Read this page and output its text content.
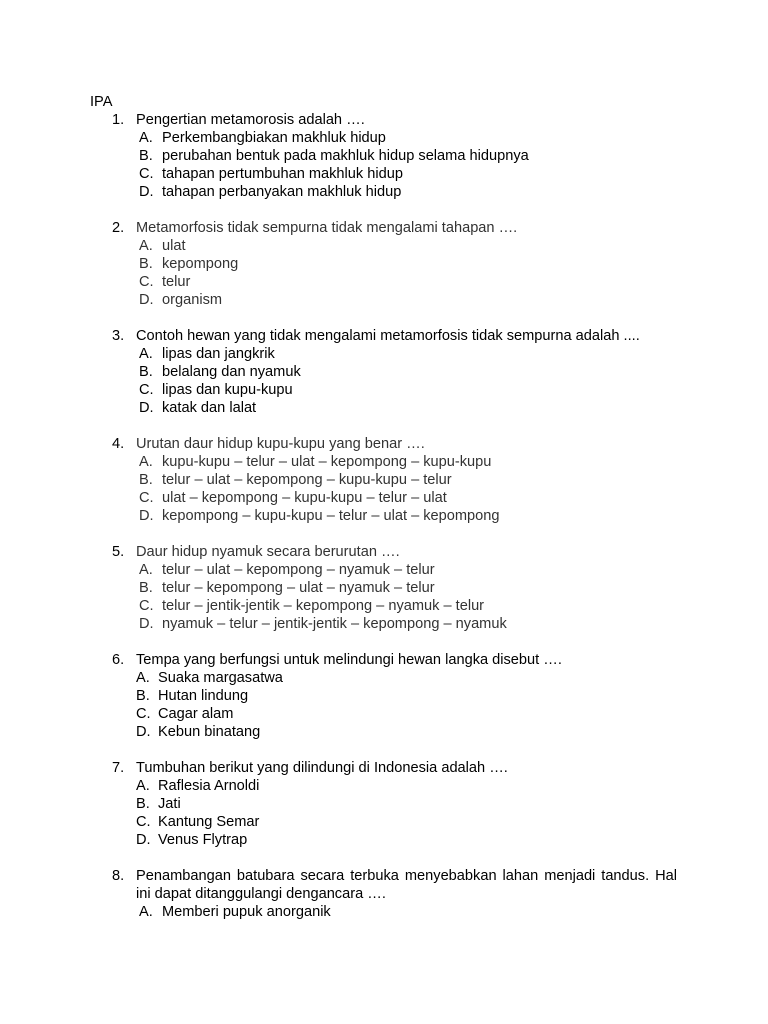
IPA
1. Pengertian metamorosis adalah ….
A. Perkembangbiakan makhluk hidup
B. perubahan bentuk pada makhluk hidup selama hidupnya
C. tahapan pertumbuhan makhluk hidup
D. tahapan perbanyakan makhluk hidup
2. Metamorfosis tidak sempurna tidak mengalami tahapan ….
A. ulat
B. kepompong
C. telur
D. organism
3. Contoh hewan yang tidak mengalami metamorfosis tidak sempurna adalah ....
A. lipas dan jangkrik
B. belalang dan nyamuk
C. lipas dan kupu-kupu
D. katak dan lalat
4. Urutan daur hidup kupu-kupu yang benar ….
A. kupu-kupu – telur – ulat – kepompong – kupu-kupu
B. telur – ulat – kepompong – kupu-kupu – telur
C. ulat – kepompong – kupu-kupu – telur – ulat
D. kepompong – kupu-kupu – telur – ulat – kepompong
5. Daur hidup nyamuk secara berurutan ….
A. telur – ulat – kepompong – nyamuk – telur
B. telur – kepompong – ulat – nyamuk – telur
C. telur – jentik-jentik – kepompong – nyamuk – telur
D. nyamuk – telur – jentik-jentik – kepompong – nyamuk
6. Tempa yang berfungsi untuk melindungi hewan langka disebut ….
A. Suaka margasatwa
B. Hutan lindung
C. Cagar alam
D. Kebun binatang
7. Tumbuhan berikut yang dilindungi di Indonesia adalah ….
A. Raflesia Arnoldi
B. Jati
C. Kantung Semar
D. Venus Flytrap
8. Penambangan batubara secara terbuka menyebabkan lahan menjadi tandus. Hal ini dapat ditanggulangi dengancara ….
A. Memberi pupuk anorganik
